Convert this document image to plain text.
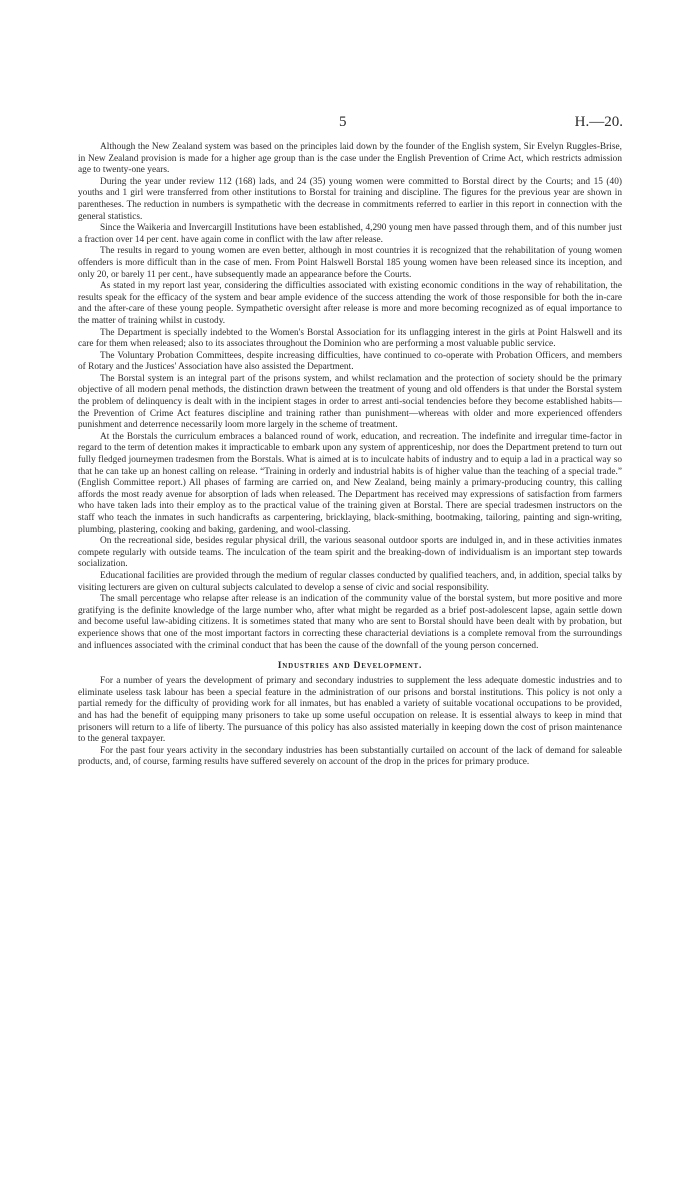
5	H.—20.

Although the New Zealand system was based on the principles laid down by the founder of the English system, Sir Evelyn Ruggles-Brise, in New Zealand provision is made for a higher age group than is the case under the English Prevention of Crime Act, which restricts admission age to twenty-one years.

During the year under review 112 (168) lads, and 24 (35) young women were committed to Borstal direct by the Courts; and 15 (40) youths and 1 girl were transferred from other institutions to Borstal for training and discipline. The figures for the previous year are shown in parentheses. The reduction in numbers is sympathetic with the decrease in commitments referred to earlier in this report in connection with the general statistics.

Since the Waikeria and Invercargill Institutions have been established, 4,290 young men have passed through them, and of this number just a fraction over 14 per cent. have again come in conflict with the law after release.

The results in regard to young women are even better, although in most countries it is recognized that the rehabilitation of young women offenders is more difficult than in the case of men. From Point Halswell Borstal 185 young women have been released since its inception, and only 20, or barely 11 per cent., have subsequently made an appearance before the Courts.

As stated in my report last year, considering the difficulties associated with existing economic conditions in the way of rehabilitation, the results speak for the efficacy of the system and bear ample evidence of the success attending the work of those responsible for both the in-care and the after-care of these young people. Sympathetic oversight after release is more and more becoming recognized as of equal importance to the matter of training whilst in custody.

The Department is specially indebted to the Women's Borstal Association for its unflagging interest in the girls at Point Halswell and its care for them when released; also to its associates throughout the Dominion who are performing a most valuable public service.

The Voluntary Probation Committees, despite increasing difficulties, have continued to co-operate with Probation Officers, and members of Rotary and the Justices' Association have also assisted the Department.

The Borstal system is an integral part of the prisons system, and whilst reclamation and the protection of society should be the primary objective of all modern penal methods, the distinction drawn between the treatment of young and old offenders is that under the Borstal system the problem of delinquency is dealt with in the incipient stages in order to arrest anti-social tendencies before they become established habits—the Prevention of Crime Act features discipline and training rather than punishment—whereas with older and more experienced offenders punishment and deterrence necessarily loom more largely in the scheme of treatment.

At the Borstals the curriculum embraces a balanced round of work, education, and recreation. The indefinite and irregular time-factor in regard to the term of detention makes it impracticable to embark upon any system of apprenticeship, nor does the Department pretend to turn out fully fledged journeymen tradesmen from the Borstals. What is aimed at is to inculcate habits of industry and to equip a lad in a practical way so that he can take up an honest calling on release. “Training in orderly and industrial habits is of higher value than the teaching of a special trade.” (English Committee report.) All phases of farming are carried on, and New Zealand, being mainly a primary-producing country, this calling affords the most ready avenue for absorption of lads when released. The Department has received may expressions of satisfaction from farmers who have taken lads into their employ as to the practical value of the training given at Borstal. There are special tradesmen instructors on the staff who teach the inmates in such handicrafts as carpentering, bricklaying, black-smithing, bootmaking, tailoring, painting and sign-writing, plumbing, plastering, cooking and baking, gardening, and wool-classing.

On the recreational side, besides regular physical drill, the various seasonal outdoor sports are indulged in, and in these activities inmates compete regularly with outside teams. The inculcation of the team spirit and the breaking-down of individualism is an important step towards socialization.

Educational facilities are provided through the medium of regular classes conducted by qualified teachers, and, in addition, special talks by visiting lecturers are given on cultural subjects calculated to develop a sense of civic and social responsibility.

The small percentage who relapse after release is an indication of the community value of the borstal system, but more positive and more gratifying is the definite knowledge of the large number who, after what might be regarded as a brief post-adolescent lapse, again settle down and become useful law-abiding citizens. It is sometimes stated that many who are sent to Borstal should have been dealt with by probation, but experience shows that one of the most important factors in correcting these characterial deviations is a complete removal from the surroundings and influences associated with the criminal conduct that has been the cause of the downfall of the young person concerned.

Industries and Development.

For a number of years the development of primary and secondary industries to supplement the less adequate domestic industries and to eliminate useless task labour has been a special feature in the administration of our prisons and borstal institutions. This policy is not only a partial remedy for the difficulty of providing work for all inmates, but has enabled a variety of suitable vocational occupations to be provided, and has had the benefit of equipping many prisoners to take up some useful occupation on release. It is essential always to keep in mind that prisoners will return to a life of liberty. The pursuance of this policy has also assisted materially in keeping down the cost of prison maintenance to the general taxpayer.

For the past four years activity in the secondary industries has been substantially curtailed on account of the lack of demand for saleable products, and, of course, farming results have suffered severely on account of the drop in the prices for primary produce.
